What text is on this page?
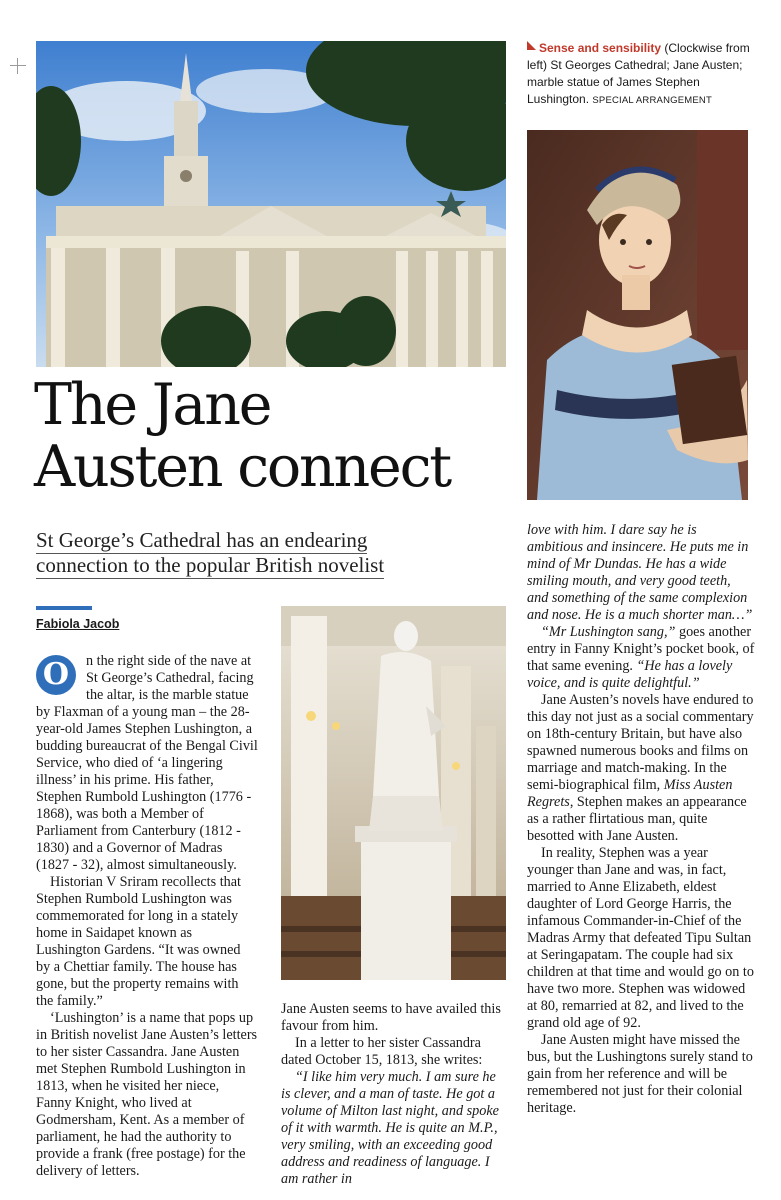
Sense and sensibility (Clockwise from left) St Georges Cathedral; Jane Austen; marble statue of James Stephen Lushington. SPECIAL ARRANGEMENT
The Jane
Austen connect
St George’s Cathedral has an endearing
connection to the popular British novelist
Fabiola Jacob

O	n the right side of the nave at St George’s Cathedral, facing the altar, is the marble statue by Flaxman of a young man – the 28-year-old James Stephen Lushington, a budding bureaucrat of the Bengal Civil Service, who died of ‘a lingering illness’ in his prime. His father, Stephen Rumbold Lushington (1776 - 1868), was both a Member of Parliament from Canterbury (1812 - 1830) and a Governor of Madras (1827 - 32), almost simultaneously.

Historian V Sriram recollects that Stephen Rumbold Lushington was commemorated for long in a stately home in Saidapet known as Lushington Gardens. “It was owned by a Chettiar family. The house has gone, but the property remains with the family.”

‘Lushington’ is a name that pops up in British novelist Jane Austen’s letters to her sister Cassandra. Jane Austen met Stephen Rumbold Lushington in 1813, when he visited her niece, Fanny Knight, who lived at Godmersham, Kent. As a member of parliament, he had the authority to provide a frank (free postage) for the delivery of letters.

Jane Austen seems to have availed this favour from him.

In a letter to her sister Cassandra dated October 15, 1813, she writes:

“I like him very much. I am sure he is clever, and a man of taste. He got a volume of Milton last night, and spoke of it with warmth. He is quite an M.P., very smiling, with an exceeding good address and readiness of language. I am rather in

love with him. I dare say he is ambitious and insincere. He puts me in mind of Mr Dundas. He has a wide smiling mouth, and very good teeth, and something of the same complexion and nose. He is a much shorter man…”

“Mr Lushington sang,” goes another entry in Fanny Knight’s pocket book, of that same evening. “He has a lovely voice, and is quite delightful.”

Jane Austen’s novels have endured to this day not just as a social commentary on 18th-century Britain, but have also spawned numerous books and films on marriage and match-making. In the semi-biographical film, Miss Austen Regrets, Stephen makes an appearance as a rather flirtatious man, quite besotted with Jane Austen.

In reality, Stephen was a year younger than Jane and was, in fact, married to Anne Elizabeth, eldest daughter of Lord George Harris, the infamous Commander-in-Chief of the Madras Army that defeated Tipu Sultan at Seringapatam. The couple had six children at that time and would go on to have two more. Stephen was widowed at 80, remarried at 82, and lived to the grand old age of 92.

Jane Austen might have missed the bus, but the Lushingtons surely stand to gain from her reference and will be remembered not just for their colonial heritage.
